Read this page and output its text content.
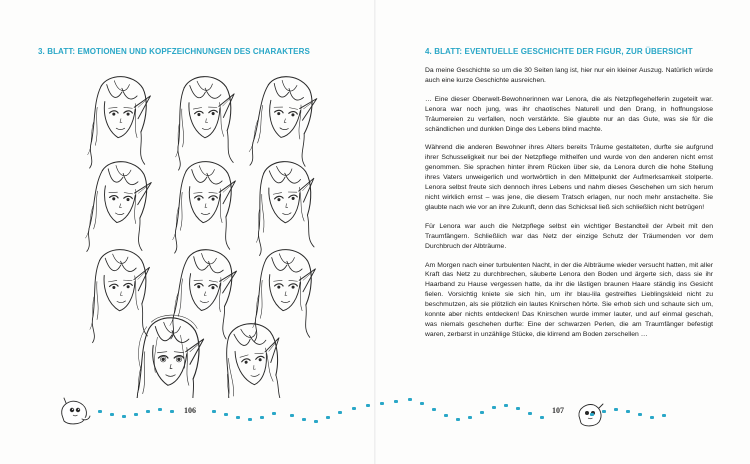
3. BLATT: EMOTIONEN UND KOPFZEICHNUNGEN DES CHARAKTERS
106
4. BLATT: EVENTUELLE GESCHICHTE DER FIGUR, ZUR ÜBERSICHT

Da meine Geschichte so um die 30 Seiten lang ist, hier nur ein kleiner Auszug. Natürlich würde auch eine kurze Geschichte ausreichen.

… Eine dieser Oberwelt-Bewohnerinnen war Lenora, die als Netzpflegehelferin zugeteilt war. Lenora war noch jung, was ihr chaotisches Naturell und den Drang, in hoffnungslose Träumereien zu verfallen, noch verstärkte. Sie glaubte nur an das Gute, was sie für die schändlichen und dunklen Dinge des Lebens blind machte.

Während die anderen Bewohner ihres Alters bereits Träume gestalteten, durfte sie aufgrund ihrer Schusseligkeit nur bei der Netzpflege mithelfen und wurde von den anderen nicht ernst genommen. Sie sprachen hinter ihrem Rücken über sie, da Lenora durch die hohe Stellung ihres Vaters unweigerlich und wortwörtlich in den Mittelpunkt der Aufmerksamkeit stolperte. Lenora selbst freute sich dennoch ihres Lebens und nahm dieses Geschehen um sich herum nicht wirklich ernst – was jene, die diesem Tratsch erlagen, nur noch mehr anstachelte. Sie glaubte nach wie vor an ihre Zukunft, denn das Schicksal ließ sich schließlich nicht betrügen!

Für Lenora war auch die Netzpflege selbst ein wichtiger Bestandteil der Arbeit mit den Traumfängern. Schließlich war das Netz der einzige Schutz der Träumenden vor dem Durchbruch der Albträume.

Am Morgen nach einer turbulenten Nacht, in der die Albträume wieder versucht hatten, mit aller Kraft das Netz zu durchbrechen, säuberte Lenora den Boden und ärgerte sich, dass sie ihr Haarband zu Hause vergessen hatte, da ihr die lästigen braunen Haare ständig ins Gesicht fielen. Vorsichtig kniete sie sich hin, um ihr blau-lila gestreiftes Lieblingskleid nicht zu beschmutzen, als sie plötzlich ein lautes Knirschen hörte. Sie erhob sich und schaute sich um, konnte aber nichts entdecken! Das Knirschen wurde immer lauter, und auf einmal geschah, was niemals geschehen durfte: Eine der schwarzen Perlen, die am Traumfänger befestigt waren, zerbarst in unzählige Stücke, die klirrend am Boden zerschellen …

107
